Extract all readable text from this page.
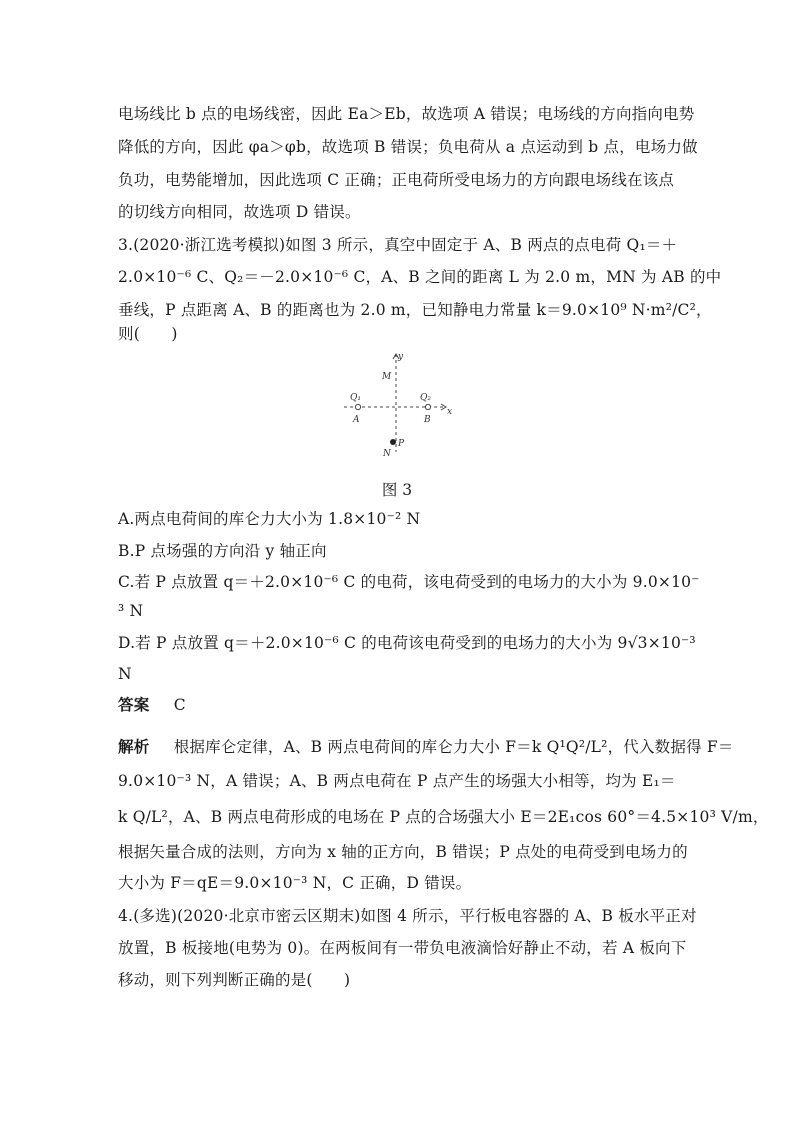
电场线比 b 点的电场线密，因此 Ea＞Eb，故选项 A 错误；电场线的方向指向电势
降低的方向，因此 φa＞φb，故选项 B 错误；负电荷从 a 点运动到 b 点，电场力做
负功，电势能增加，因此选项 C 正确；正电荷所受电场力的方向跟电场线在该点
的切线方向相同，故选项 D 错误。
3.(2020·浙江选考模拟)如图 3 所示，真空中固定于 A、B 两点的点电荷 Q₁＝＋
2.0×10⁻⁶ C、Q₂＝－2.0×10⁻⁶ C，A、B 之间的距离 L 为 2.0 m，MN 为 AB 的中
垂线，P 点距离 A、B 的距离也为 2.0 m，已知静电力常量 k＝9.0×10⁹ N·m²/C²，
则(　　)
y
x
M
N
P
Q₁	Q₂
A	B
图 3
A.两点电荷间的库仑力大小为 1.8×10⁻² N
B.P 点场强的方向沿 y 轴正向
C.若 P 点放置 q＝＋2.0×10⁻⁶ C 的电荷，该电荷受到的电场力的大小为 9.0×10⁻
³ N
D.若 P 点放置 q＝＋2.0×10⁻⁶ C 的电荷该电荷受到的电场力的大小为 9√3×10⁻³
N
答案 C
解析 根据库仑定律，A、B 两点电荷间的库仑力大小 F＝k Q¹Q²/L²，代入数据得 F＝
9.0×10⁻³ N，A 错误；A、B 两点电荷在 P 点产生的场强大小相等，均为 E₁＝
k Q/L²，A、B 两点电荷形成的电场在 P 点的合场强大小 E＝2E₁cos 60°＝4.5×10³ V/m，
根据矢量合成的法则，方向为 x 轴的正方向，B 错误；P 点处的电荷受到电场力的
大小为 F＝qE＝9.0×10⁻³ N，C 正确，D 错误。
4.(多选)(2020·北京市密云区期末)如图 4 所示，平行板电容器的 A、B 板水平正对
放置，B 板接地(电势为 0)。在两板间有一带负电液滴恰好静止不动，若 A 板向下
移动，则下列判断正确的是(　　)
